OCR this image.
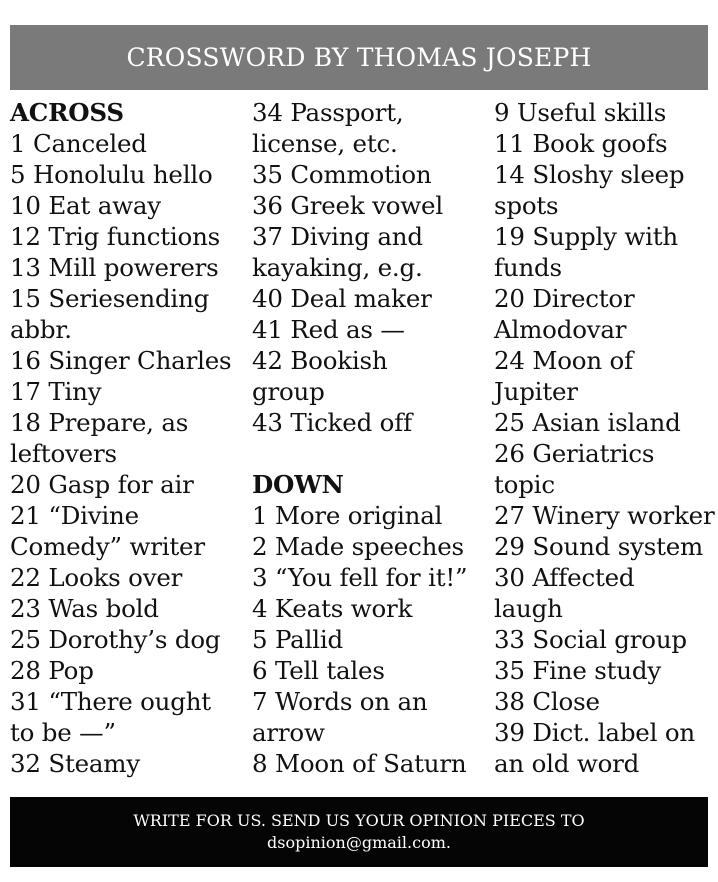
CROSSWORD BY THOMAS JOSEPH
ACROSS
1 Canceled
5 Honolulu hello
10 Eat away
12 Trig functions
13 Mill powerers
15 Seriesending
abbr.
16 Singer Charles
17 Tiny
18 Prepare, as
leftovers
20 Gasp for air
21 “Divine
Comedy” writer
22 Looks over
23 Was bold
25 Dorothy’s dog
28 Pop
31 “There ought
to be —”
32 Steamy
34 Passport,
license, etc.
35 Commotion
36 Greek vowel
37 Diving and
kayaking, e.g.
40 Deal maker
41 Red as —
42 Bookish
group
43 Ticked off
DOWN
1 More original
2 Made speeches
3 “You fell for it!”
4 Keats work
5 Pallid
6 Tell tales
7 Words on an
arrow
8 Moon of Saturn
9 Useful skills
11 Book goofs
14 Sloshy sleep
spots
19 Supply with
funds
20 Director
Almodovar
24 Moon of
Jupiter
25 Asian island
26 Geriatrics
topic
27 Winery worker
29 Sound system
30 Affected
laugh
33 Social group
35 Fine study
38 Close
39 Dict. label on
an old word
WRITE FOR US. SEND US YOUR OPINION PIECES TO
dsopinion@gmail.com.
